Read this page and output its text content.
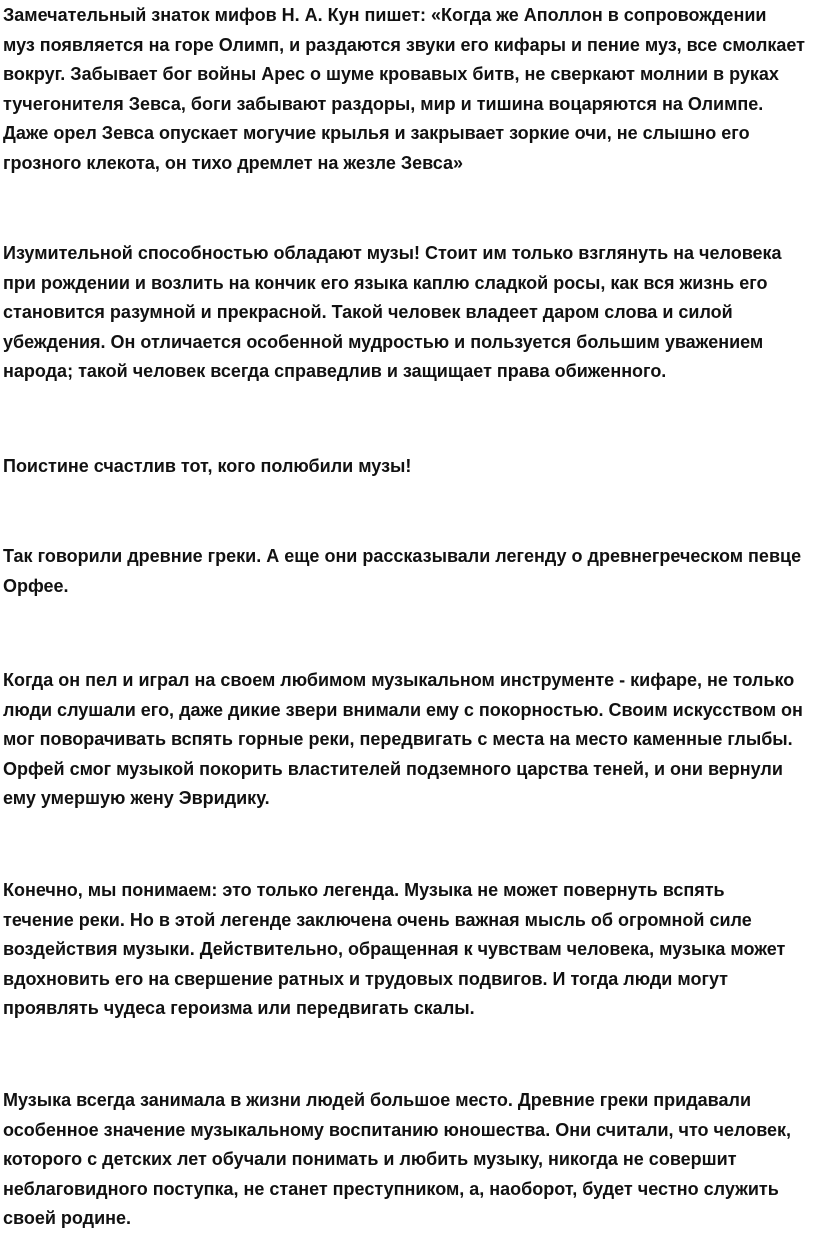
Замечательный знаток мифов Н. А. Кун пишет: «Когда же Аполлон в сопровождении
муз появляется на горе Олимп, и раздаются звуки его кифары и пение муз, все смолкает
вокруг. Забывает бог войны Арес о шуме кровавых битв, не сверкают молнии в руках
тучегонителя Зевса, боги забывают раздоры, мир и тишина воцаряются на Олимпе.
Даже орел Зевса опускает могучие крылья и закрывает зоркие очи, не слышно его
грозного клекота, он тихо дремлет на жезле Зевса»

Изумительной способностью обладают музы! Стоит им только взглянуть на человека
при рождении и возлить на кончик его языка каплю сладкой росы, как вся жизнь его
становится разумной и прекрасной. Такой человек владеет даром слова и силой
убеждения. Он отличается особенной мудростью и пользуется большим уважением
народа; такой человек всегда справедлив и защищает права обиженного.

Поистине счастлив тот, кого полюбили музы!

Так говорили древние греки. А еще они рассказывали легенду о древнегреческом певце
Орфее.

Когда он пел и играл на своем любимом музыкальном инструменте - кифаре, не только
люди слушали его, даже дикие звери внимали ему с покорностью. Своим искусством он
мог поворачивать вспять горные реки, передвигать с места на место каменные глыбы.
Орфей смог музыкой покорить властителей подземного царства теней, и они вернули
ему умершую жену Эвридику.

Конечно, мы понимаем: это только легенда. Музыка не может повернуть вспять
течение реки. Но в этой легенде заключена очень важная мысль об огромной силе
воздействия музыки. Действительно, обращенная к чувствам человека, музыка может
вдохновить его на свершение ратных и трудовых подвигов. И тогда люди могут
проявлять чудеса героизма или передвигать скалы.

Музыка всегда занимала в жизни людей большое место. Древние греки придавали
особенное значение музыкальному воспитанию юношества. Они считали, что человек,
которого с детских лет обучали понимать и любить музыку, никогда не совершит
неблаговидного поступка, не станет преступником, а, наоборот, будет честно служить
своей родине.
